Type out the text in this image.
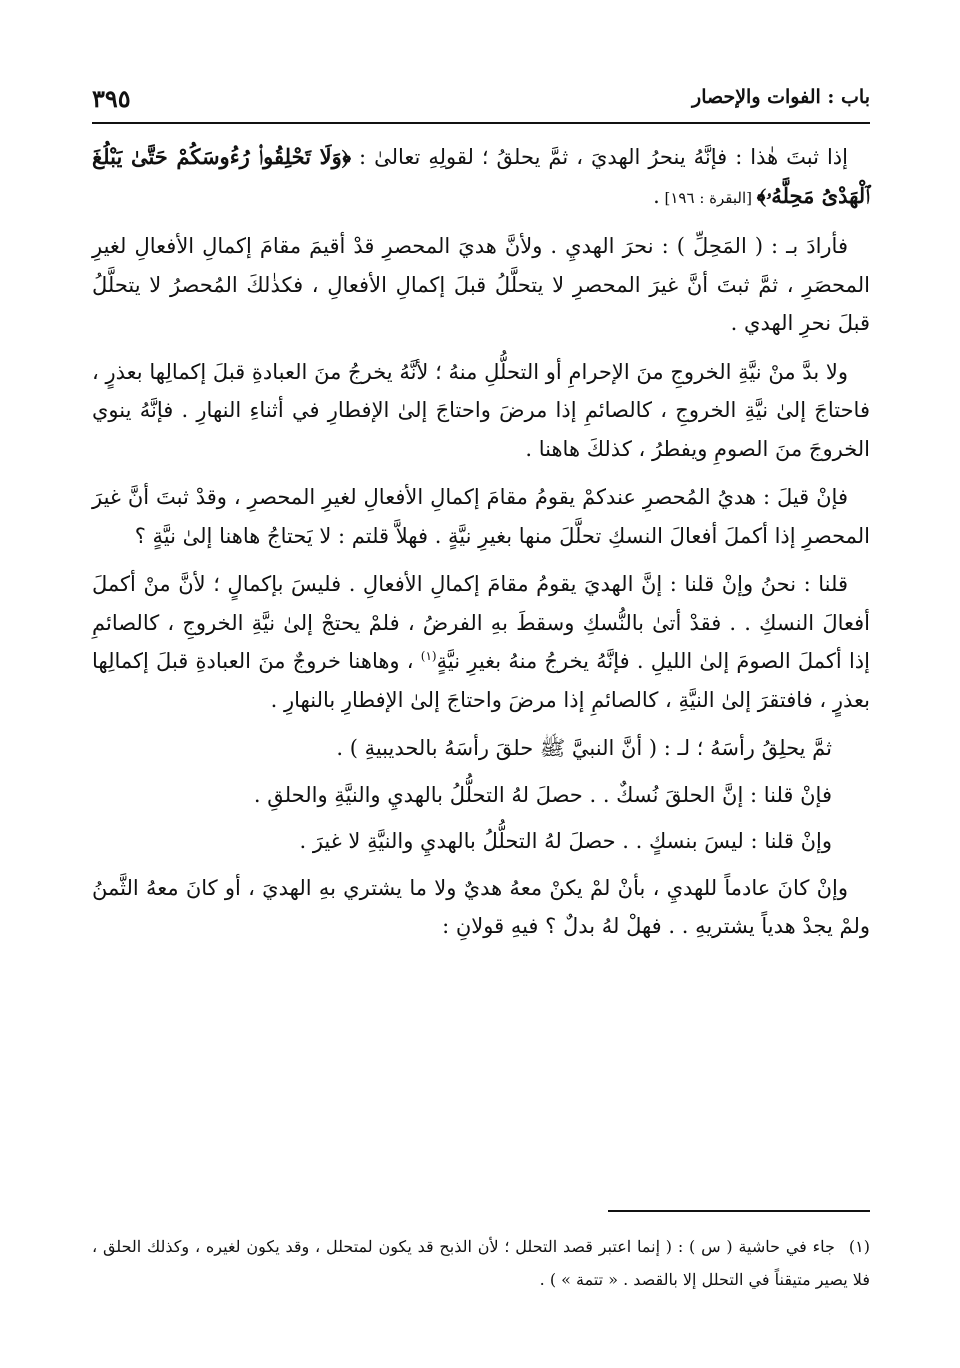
باب : الفوات والإحصار
٣٩٥

إذا ثبتَ هٰذا : فإنَّهُ ينحرُ الهديَ ، ثمَّ يحلقُ ؛ لقولِهِ تعالىٰ : ﴿وَلَا تَحْلِقُوا۟ رُءُوسَكُمْ حَتَّىٰ يَبْلُغَ ٱلْهَدْىُ مَحِلَّهُۥ﴾ [البقرة : ١٩٦] .

فأرادَ بـ : ( المَحِلِّ ) : نحرَ الهديِ . ولأنَّ هديَ المحصرِ قدْ أقيمَ مقامَ إكمالِ الأفعالِ لغيرِ المحصَرِ ، ثمَّ ثبتَ أنَّ غيرَ المحصرِ لا يتحلَّلُ قبلَ إكمالِ الأفعالِ ، فكذٰلكَ المُحصرُ لا يتحلَّلُ قبلَ نحرِ الهدي .

ولا بدَّ منْ نيَّةِ الخروجِ منَ الإحرامِ أو التحلُّلِ منهُ ؛ لأنَّهُ يخرجُ منَ العبادةِ قبلَ إكمالِها بعذرٍ ، فاحتاجَ إلىٰ نيَّةِ الخروجِ ، كالصائمِ إذا مرضَ واحتاجَ إلىٰ الإفطارِ في أثناءِ النهارِ . فإنَّهُ ينوي الخروجَ منَ الصومِ ويفطرُ ، كذلكَ هاهنا .

فإنْ قيلَ : هديُ المُحصرِ عندكمْ يقومُ مقامَ إكمالِ الأفعالِ لغيرِ المحصرِ ، وقدْ ثبتَ أنَّ غيرَ المحصرِ إذا أكملَ أفعالَ النسكِ تحلَّلَ منها بغيرِ نيَّةٍ . فهلاَّ قلتم : لا يَحتاجُ هاهنا إلىٰ نيَّةٍ ؟

قلنا : نحنُ وإنْ قلنا : إنَّ الهديَ يقومُ مقامَ إكمالِ الأفعالِ . فليسَ بإكمالٍ ؛ لأنَّ منْ أكملَ أفعالَ النسكِ . . فقدْ أتىٰ بالنُّسكِ وسقطَ بهِ الفرضُ ، فلمْ يحتجْ إلىٰ نيَّةِ الخروجِ ، كالصائمِ إذا أكملَ الصومَ إلىٰ الليلِ . فإنَّهُ يخرجُ منهُ بغيرِ نيَّةٍ$^{(١)}$ ، وهاهنا خروجٌ منَ العبادةِ قبلَ إكمالِها بعذرٍ ، فافتقرَ إلىٰ النيَّةِ ، كالصائمِ إذا مرضَ واحتاجَ إلىٰ الإفطارِ بالنهارِ .

ثمَّ يحلِقُ رأسَهُ ؛ لـ : ( أنَّ النبيَّ ﷺ حلقَ رأسَهُ بالحديبيةِ ) .

فإنْ قلنا : إنَّ الحلقَ نُسكٌ . . حصلَ لهُ التحلُّلُ بالهديِ والنيَّةِ والحلقِ .

وإنْ قلنا : ليسَ بنسكٍ . . حصلَ لهُ التحلُّلُ بالهديِ والنيَّةِ لا غيرَ .

وإنْ كانَ عادماً للهديِ ، بأنْ لمْ يكنْ معهُ هديٌ ولا ما يشتري بهِ الهديَ ، أو كانَ معهُ الثَّمنُ ولمْ يجدْ هدياً يشتريهِ . . فهلْ لهُ بدلٌ ؟ فيهِ قولانِ :

(١)جاء في حاشية ( س ) : ( إنما اعتبر قصد التحلل ؛ لأن الذبح قد يكون لمتحلل ، وقد يكون لغيره ، وكذلك الحلق ، فلا يصير متيقناً في التحلل إلا بالقصد . « تتمة » ) .
